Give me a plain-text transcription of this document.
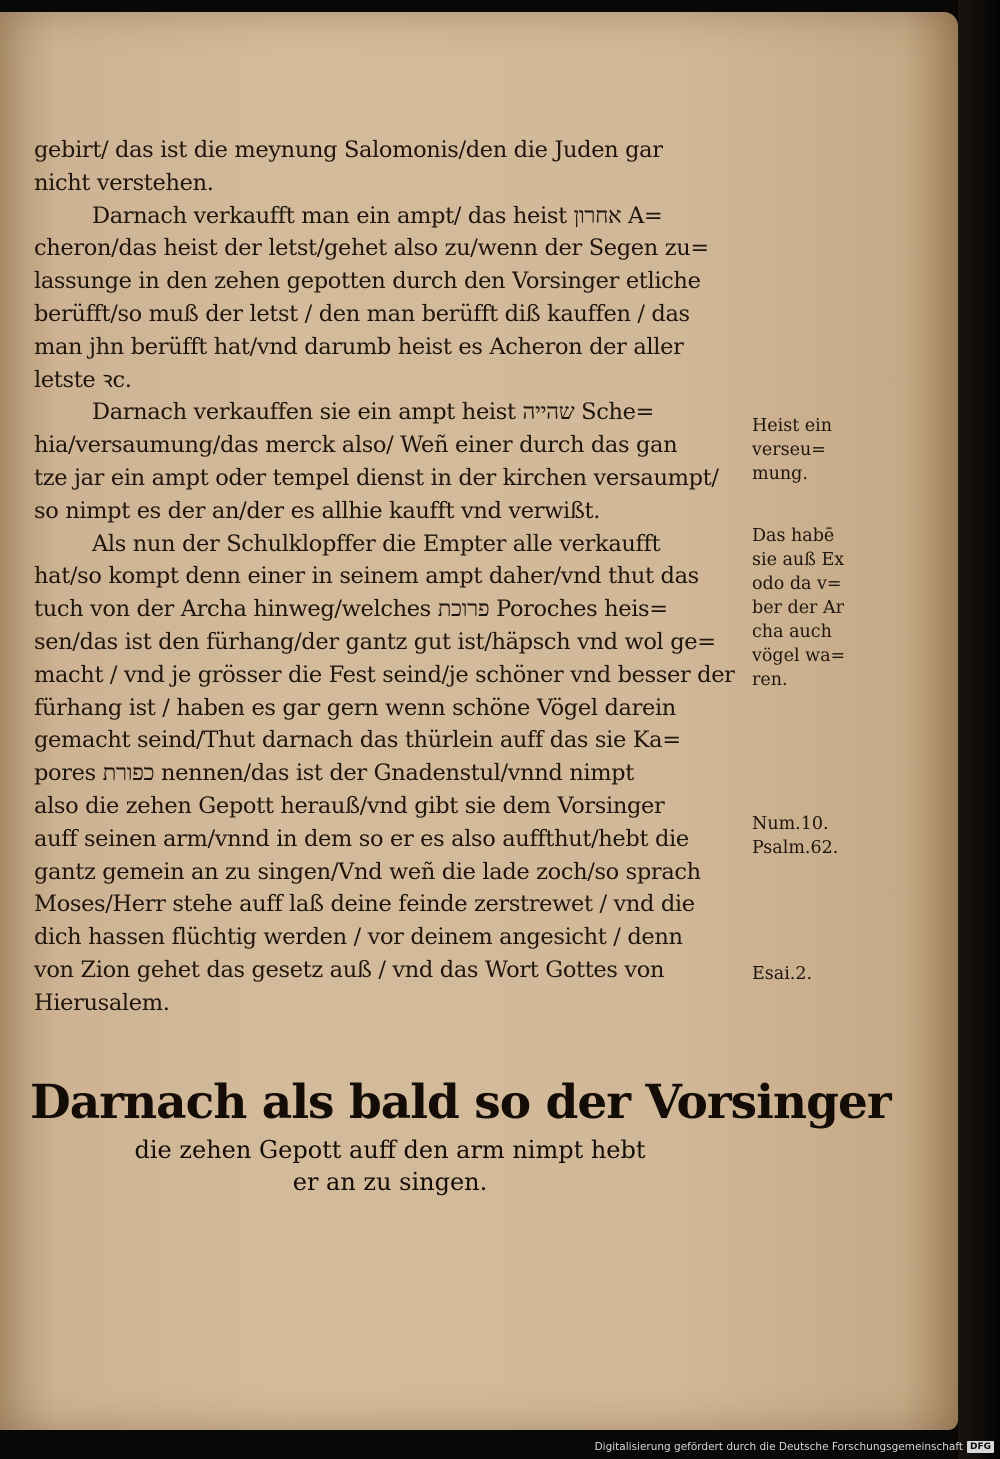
gebirt/ das ist die meynung Salomonis/den die Juden gar
nicht verstehen.
Darnach verkaufft man ein ampt/ das heist אחרון A=
cheron/das heist der letst/gehet also zu/wenn der Segen zu=
lassunge in den zehen gepotten durch den Vorsinger etliche
berüfft/so muß der letst / den man berüfft diß kauffen / das
man jhn berüfft hat/vnd darumb heist es Acheron der aller
letste ꝛc.
Darnach verkauffen sie ein ampt heist שהייה Sche=
hia/versaumung/das merck also/ Weñ einer durch das gan
tze jar ein ampt oder tempel dienst in der kirchen versaumpt/
so nimpt es der an/der es allhie kaufft vnd verwißt.
Als nun der Schulklopffer die Empter alle verkaufft
hat/so kompt denn einer in seinem ampt daher/vnd thut das
tuch von der Archa hinweg/welches פרוכת Poroches heis=
sen/das ist den fürhang/der gantz gut ist/häpsch vnd wol ge=
macht / vnd je grösser die Fest seind/je schöner vnd besser der
fürhang ist / haben es gar gern wenn schöne Vögel darein
gemacht seind/Thut darnach das thürlein auff das sie Ka=
pores כפורת nennen/das ist der Gnadenstul/vnnd nimpt
also die zehen Gepott herauß/vnd gibt sie dem Vorsinger
auff seinen arm/vnnd in dem so er es also auffthut/hebt die
gantz gemein an zu singen/Vnd weñ die lade zoch/so sprach
Moses/Herr stehe auff laß deine feinde zerstrewet / vnd die
dich hassen flüchtig werden / vor deinem angesicht / denn
von Zion gehet das gesetz auß / vnd das Wort Gottes von
Hierusalem.
Heist ein
verseu=
mung.
Das habē
sie auß Ex
odo da v=
ber der Ar
cha auch
vögel wa=
ren.
Num.10.
Psalm.62.
Esai.2.
Darnach als bald so der Vorsinger
die zehen Gepott auff den arm nimpt hebt
er an zu singen.
Digitalisierung gefördert durch die Deutsche Forschungsgemeinschaft DFG
